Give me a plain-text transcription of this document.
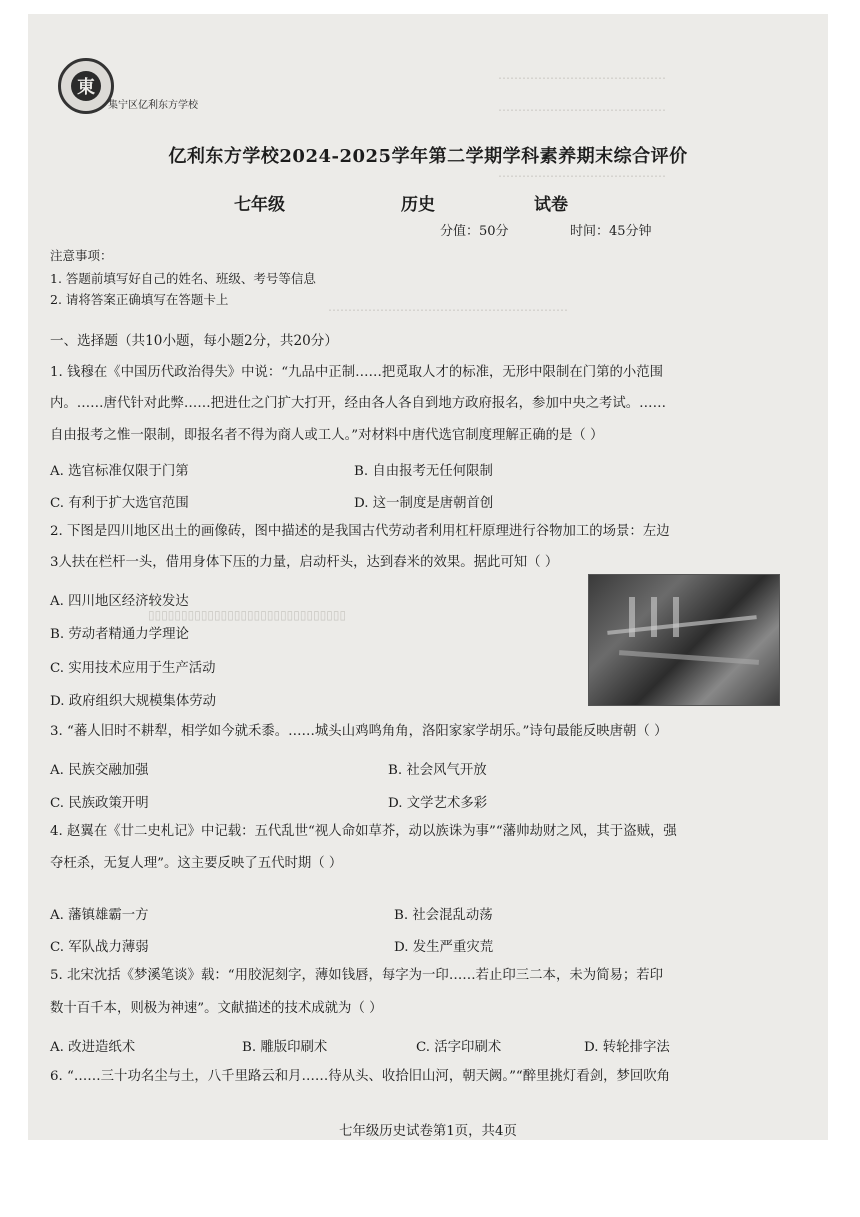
……………………………………
……………………………………
……………………………………
……………………………………………………
▯▯▯▯▯▯▯▯▯▯▯▯▯▯▯▯▯▯▯▯▯▯▯▯▯▯▯▯▯▯
東
集宁区亿利东方学校
亿利东方学校2024-2025学年第二学期学科素养期末综合评价
七年级	历史	试卷
分值：50分	时间：45分钟
注意事项：
1. 答题前填写好自己的姓名、班级、考号等信息
2. 请将答案正确填写在答题卡上
一、选择题（共10小题，每小题2分，共20分）
1. 钱穆在《中国历代政治得失》中说：“九品中正制……把觅取人才的标准，无形中限制在门第的小范围
内。……唐代针对此弊……把进仕之门扩大打开，经由各人各自到地方政府报名，参加中央之考试。……
自由报考之惟一限制，即报名者不得为商人或工人。”对材料中唐代选官制度理解正确的是（ ）
A. 选官标准仅限于门第	B. 自由报考无任何限制
C. 有利于扩大选官范围	D. 这一制度是唐朝首创
2. 下图是四川地区出土的画像砖，图中描述的是我国古代劳动者利用杠杆原理进行谷物加工的场景：左边
3人扶在栏杆一头，借用身体下压的力量，启动杆头，达到舂米的效果。据此可知（ ）
A. 四川地区经济较发达
B. 劳动者精通力学理论
C. 实用技术应用于生产活动
D. 政府组织大规模集体劳动
3. “蕃人旧时不耕犁，相学如今就禾黍。……城头山鸡鸣角角，洛阳家家学胡乐。”诗句最能反映唐朝（ ）
A. 民族交融加强	B. 社会风气开放
C. 民族政策开明	D. 文学艺术多彩
4. 赵翼在《廿二史札记》中记载：五代乱世“视人命如草芥，动以族诛为事”“藩帅劫财之风，其于盗贼，强
夺枉杀，无复人理”。这主要反映了五代时期（ ）
A. 藩镇雄霸一方	B. 社会混乱动荡
C. 军队战力薄弱	D. 发生严重灾荒
5. 北宋沈括《梦溪笔谈》载：“用胶泥刻字，薄如钱唇，每字为一印……若止印三二本，未为简易；若印
数十百千本，则极为神速”。文献描述的技术成就为（ ）
A. 改进造纸术	B. 雕版印刷术	C. 活字印刷术	D. 转轮排字法
6. “……三十功名尘与土，八千里路云和月……待从头、收拾旧山河，朝天阙。”“醉里挑灯看剑，梦回吹角
七年级历史试卷第1页，共4页
